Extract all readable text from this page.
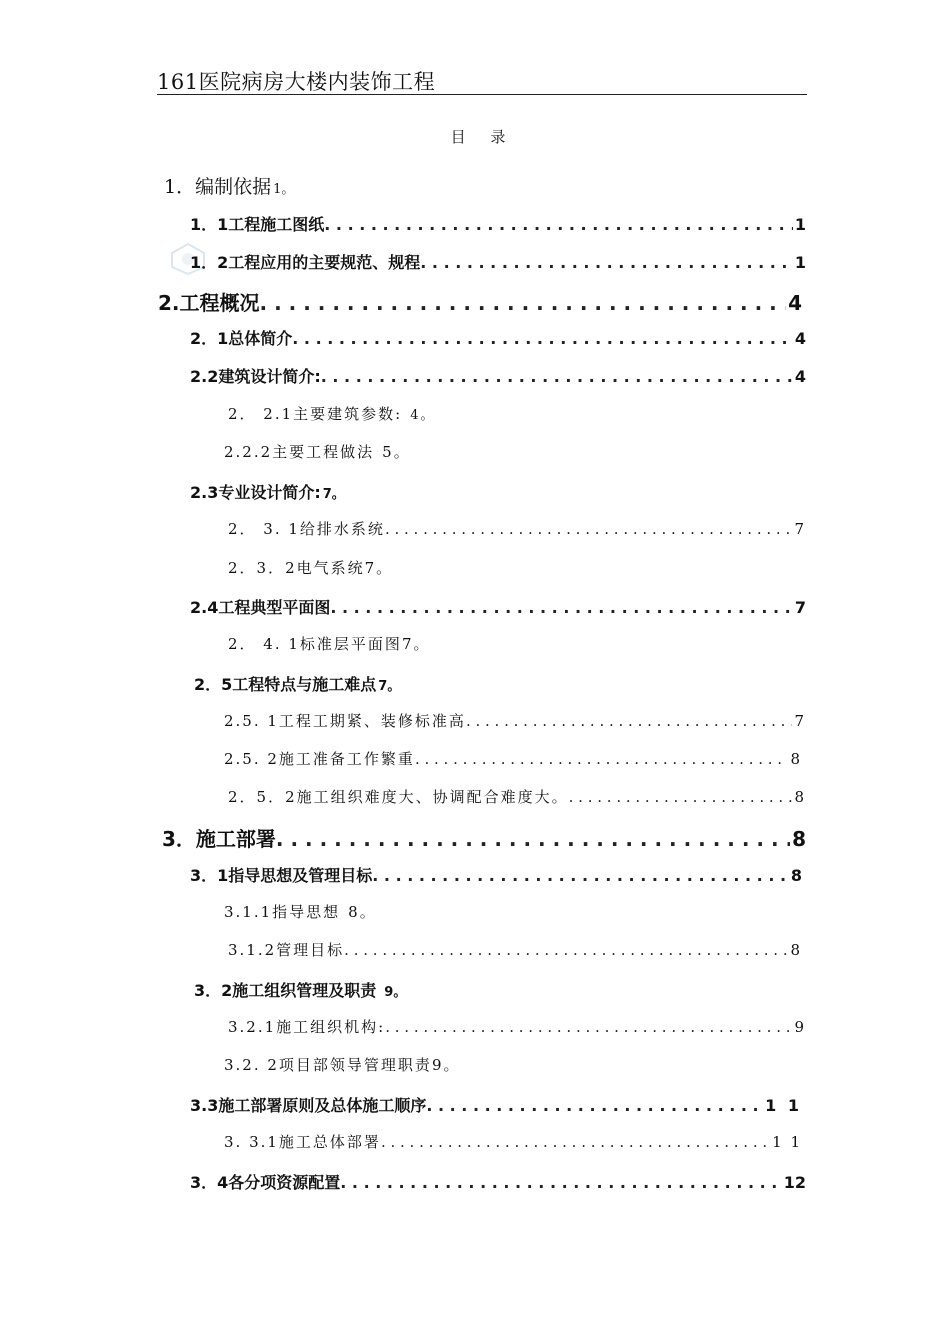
161医院病房大楼内装饰工程
目 录
1．编制依据 1。
1．1工程施工图纸 . . .	1
1．2工程应用的主要规范、规程 . . .	1
2.工程概况 . . .	4
2．1总体简介 . . .	4
2.2建筑设计简介: . . .	4
2． 2.1主要建筑参数: 4。
2.2.2主要工程做法 5。
2.3专业设计简介: 7。
2． 3. 1给排水系统 . . .	7
2．3．2电气系统 7。
2.4工程典型平面图 . . .	7
2． 4. 1标准层平面图 7。
2．5工程特点与施工难点 7。
2.5. 1工程工期紧、装修标准高 . . .	7
2.5. 2施工准备工作繁重 . . .	8
2．5．2施工组织难度大、协调配合难度大。 . . .	8
3．施工部署 . . .	8
3．1指导思想及管理目标 . . .	8
3.1.1指导思想 8。
3.1.2管理目标 . . .	8
3．2施工组织管理及职责 9。
3.2.1施工组织机构: . . .	9
3.2. 2项目部领导管理职责 9。
3.3施工部署原则及总体施工顺序 . . .	1 1
3. 3.1施工总体部署 . . .	1 1
3．4各分项资源配置 . . .	12
